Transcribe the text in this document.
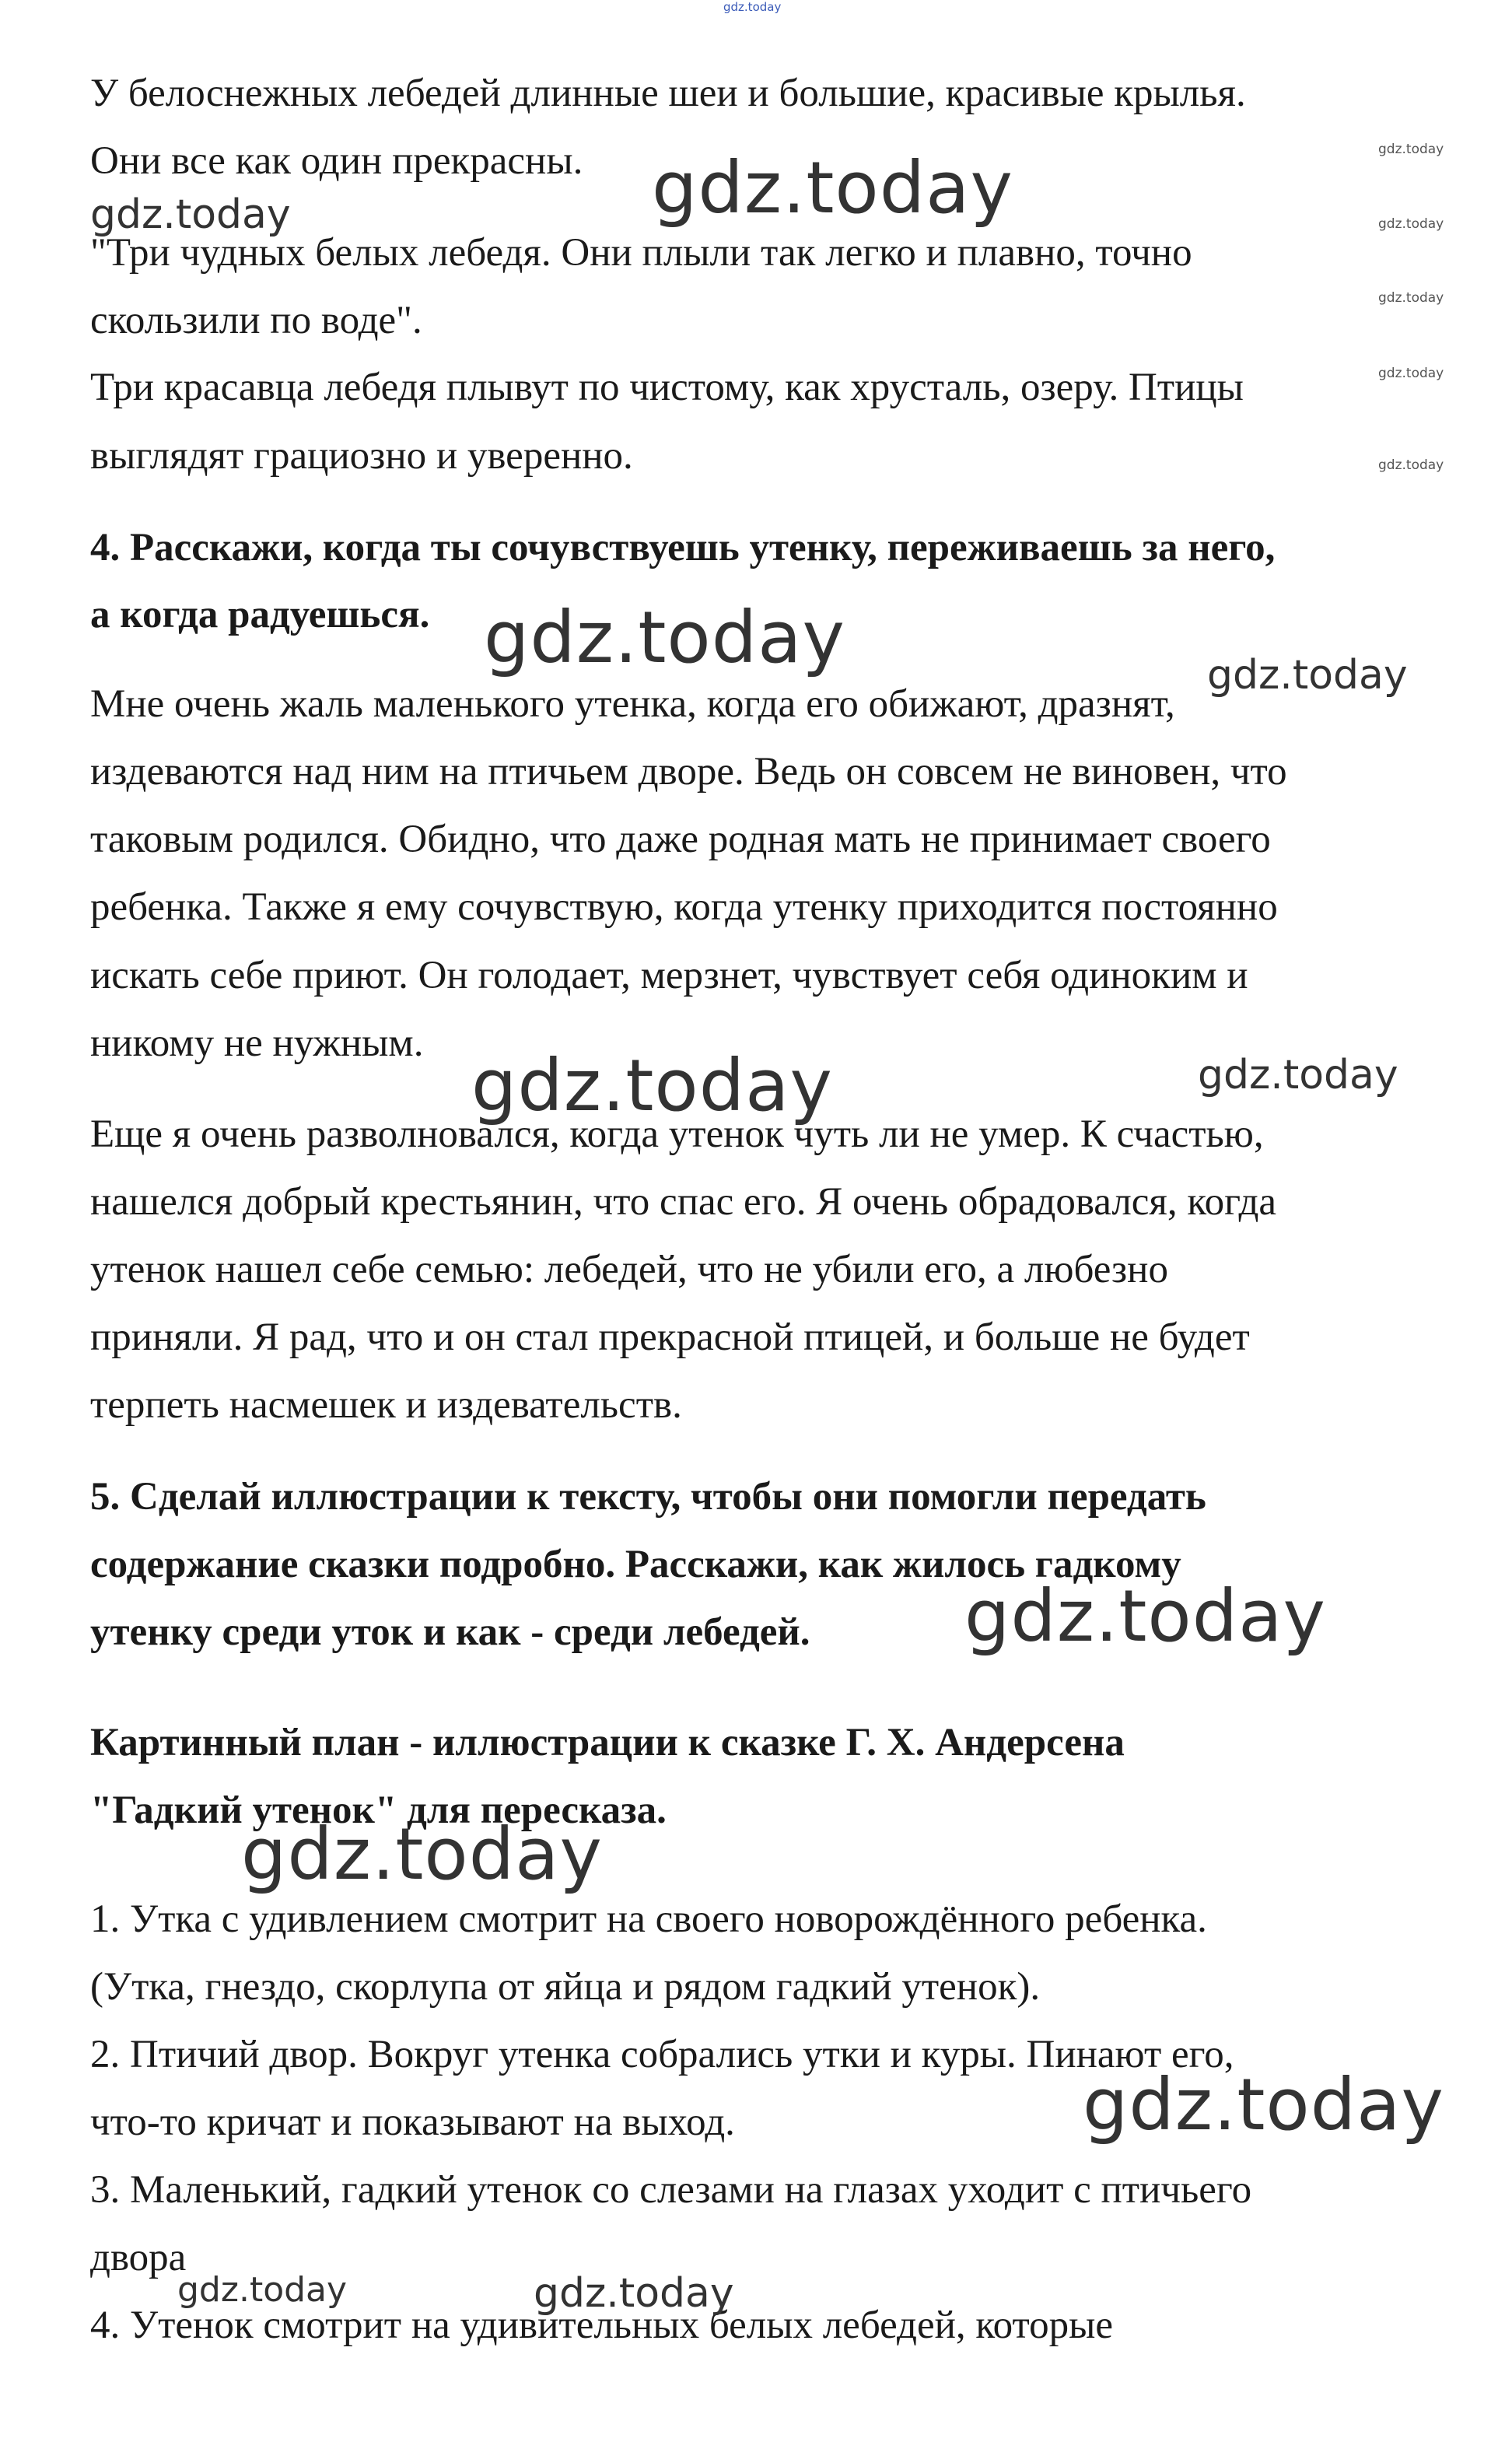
У белоснежных лебедей длинные шеи и большие, красивые крылья.
Они все как один прекрасны.
"Три чудных белых лебедя. Они плыли так легко и плавно, точно
скользили по воде".
Три красавца лебедя плывут по чистому, как хрусталь, озеру. Птицы
выглядят грациозно и уверенно.
4. Расскажи, когда ты сочувствуешь утенку, переживаешь за него,
а когда радуешься.
Мне очень жаль маленького утенка, когда его обижают, дразнят,
издеваются над ним на птичьем дворе. Ведь он совсем не виновен, что
таковым родился. Обидно, что даже родная мать не принимает своего
ребенка. Также я ему сочувствую, когда утенку приходится постоянно
искать себе приют. Он голодает, мерзнет, чувствует себя одиноким и
никому не нужным.
Еще я очень разволновался, когда утенок чуть ли не умер. К счастью,
нашелся добрый крестьянин, что спас его. Я очень обрадовался, когда
утенок нашел себе семью: лебедей, что не убили его, а любезно
приняли. Я рад, что и он стал прекрасной птицей, и больше не будет
терпеть насмешек и издевательств.
5. Сделай иллюстрации к тексту, чтобы они помогли передать
содержание сказки подробно. Расскажи, как жилось гадкому
утенку среди уток и как - среди лебедей.
Картинный план - иллюстрации к сказке Г. Х. Андерсена
"Гадкий утенок" для пересказа.
1. Утка с удивлением смотрит на своего новорождённого ребенка.
(Утка, гнездо, скорлупа от яйца и рядом гадкий утенок).
2. Птичий двор. Вокруг утенка собрались утки и куры. Пинают его,
что-то кричат и показывают на выход.
3. Маленький, гадкий утенок со слезами на глазах уходит с птичьего
двора
4. Утенок смотрит на удивительных белых лебедей, которые
gdz.today
gdz.today
gdz.today
gdz.today
gdz.today
gdz.today
gdz.today	gdz.today
gdz.today	gdz.today
gdz.today	gdz.today
gdz.today
gdz.today
gdz.today
gdz.today	gdz.today
